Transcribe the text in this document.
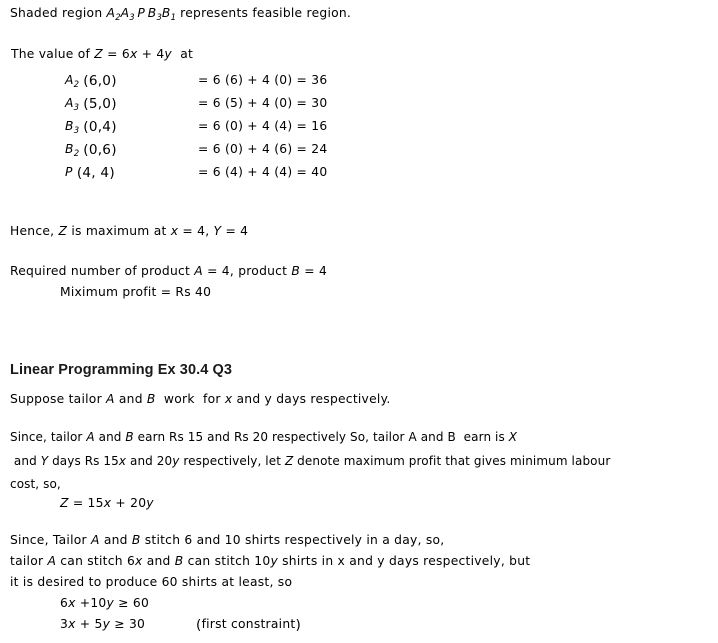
Shaded region $A_2A_3$ P $B_3B_1$ represents feasible region.
The value of Z = 6x + 4y  at
$A_2$ (6,0)
$A_3$ (5,0)
$B_3$ (0,4)
$B_2$ (0,6)
P (4, 4)
= 6 (6) + 4 (0) = 36
= 6 (5) + 4 (0) = 30
= 6 (0) + 4 (4) = 16
= 6 (0) + 4 (6) = 24
= 6 (4) + 4 (4) = 40
Hence, Z is maximum at x = 4, Y = 4
Required number of product A = 4, product B = 4
Miximum profit = Rs 40
Linear Programming Ex 30.4 Q3
Suppose tailor A and B  work  for x and y days respectively.
Since, tailor A and B earn Rs 15 and Rs 20 respectively So, tailor A and B  earn is X
and Y days Rs 15x and 20y respectively, let Z denote maximum profit that gives minimum labour
cost, so,
Z = 15x + 20y
Since, Tailor A and B stitch 6 and 10 shirts respectively in a day, so,
tailor A can stitch 6x and B can stitch 10y shirts in x and y days respectively, but
it is desired to produce 60 shirts at least, so
6x +10y ≥ 60
3x + 5y ≥ 30	(first constraint)
